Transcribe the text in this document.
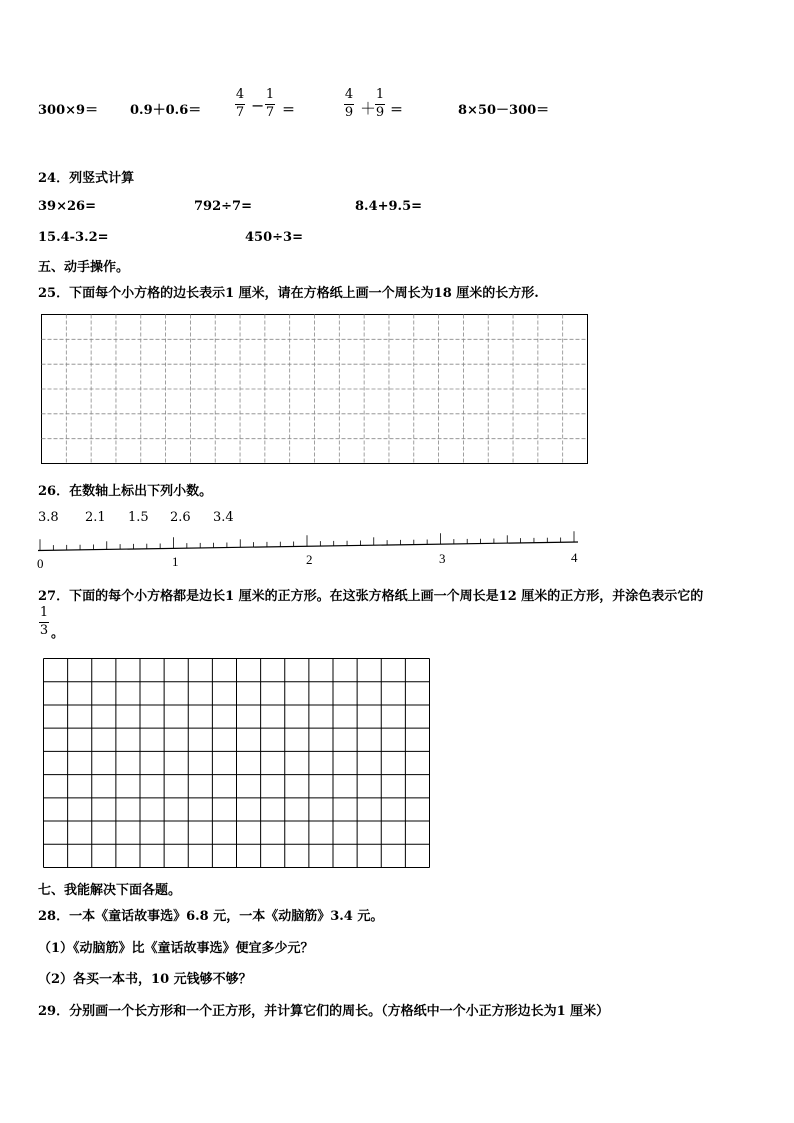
300×9＝ 0.9＋0.6＝
4
7 −
1
7 ＝
4
9 ＋
1
9 ＝	8×50－300＝
24．列竖式计算
39×26=	792÷7=	8.4+9.5=
15.4-3.2=	450÷3=
五、动手操作。
25．下面每个小方格的边长表示1 厘米，请在方格纸上画一个周长为18 厘米的长方形.
26．在数轴上标出下列小数。
3.8 2.1 1.5 2.6 3.4
0	1	2	3	4
27．下面的每个小方格都是边长1 厘米的正方形。在这张方格纸上画一个周长是12 厘米的正方形，并涂色表示它的
1
3 。
七、我能解决下面各题。
28．一本《童话故事选》6.8 元，一本《动脑筋》3.4 元。
（1）《动脑筋》比《童话故事选》便宜多少元？
（2）各买一本书，10 元钱够不够？
29．分别画一个长方形和一个正方形，并计算它们的周长。（方格纸中一个小正方形边长为1 厘米）
